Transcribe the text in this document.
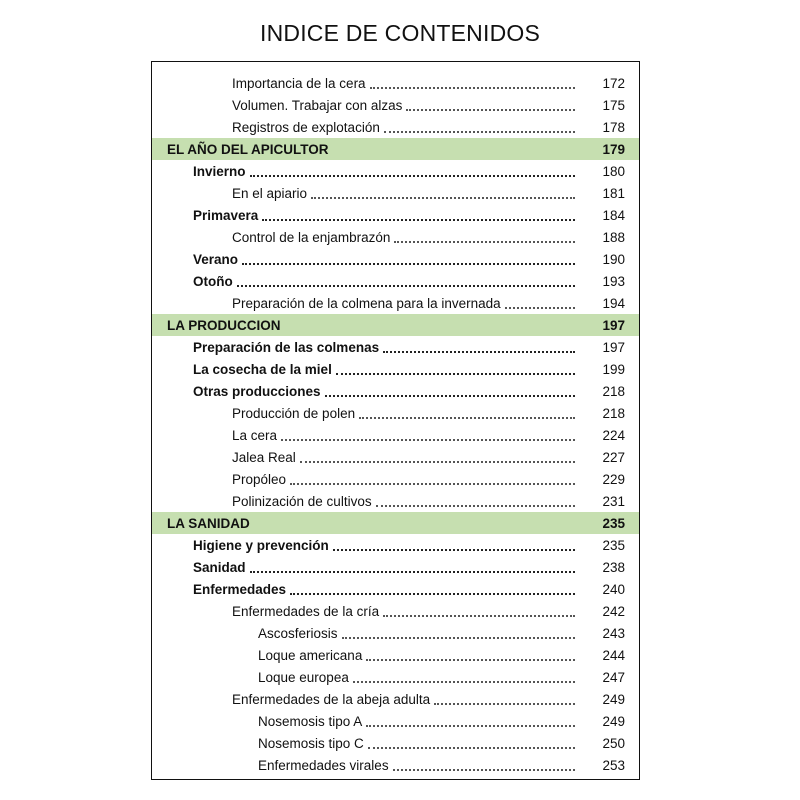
INDICE DE CONTENIDOS
Importancia de la cera	172
Volumen. Trabajar con alzas	175
Registros de explotación	178
EL AÑO DEL APICULTOR	179
Invierno	180
En el apiario	181
Primavera	184
Control de la enjambrazón	188
Verano	190
Otoño	193
Preparación de la colmena para la invernada	194
LA PRODUCCION	197
Preparación de las colmenas	197
La cosecha de la miel	199
Otras producciones	218
Producción de polen	218
La cera	224
Jalea Real	227
Propóleo	229
Polinización de cultivos	231
LA SANIDAD	235
Higiene y prevención	235
Sanidad	238
Enfermedades	240
Enfermedades de la cría	242
Ascosferiosis	243
Loque americana	244
Loque europea	247
Enfermedades de la abeja adulta	249
Nosemosis tipo A	249
Nosemosis tipo C	250
Enfermedades virales	253
